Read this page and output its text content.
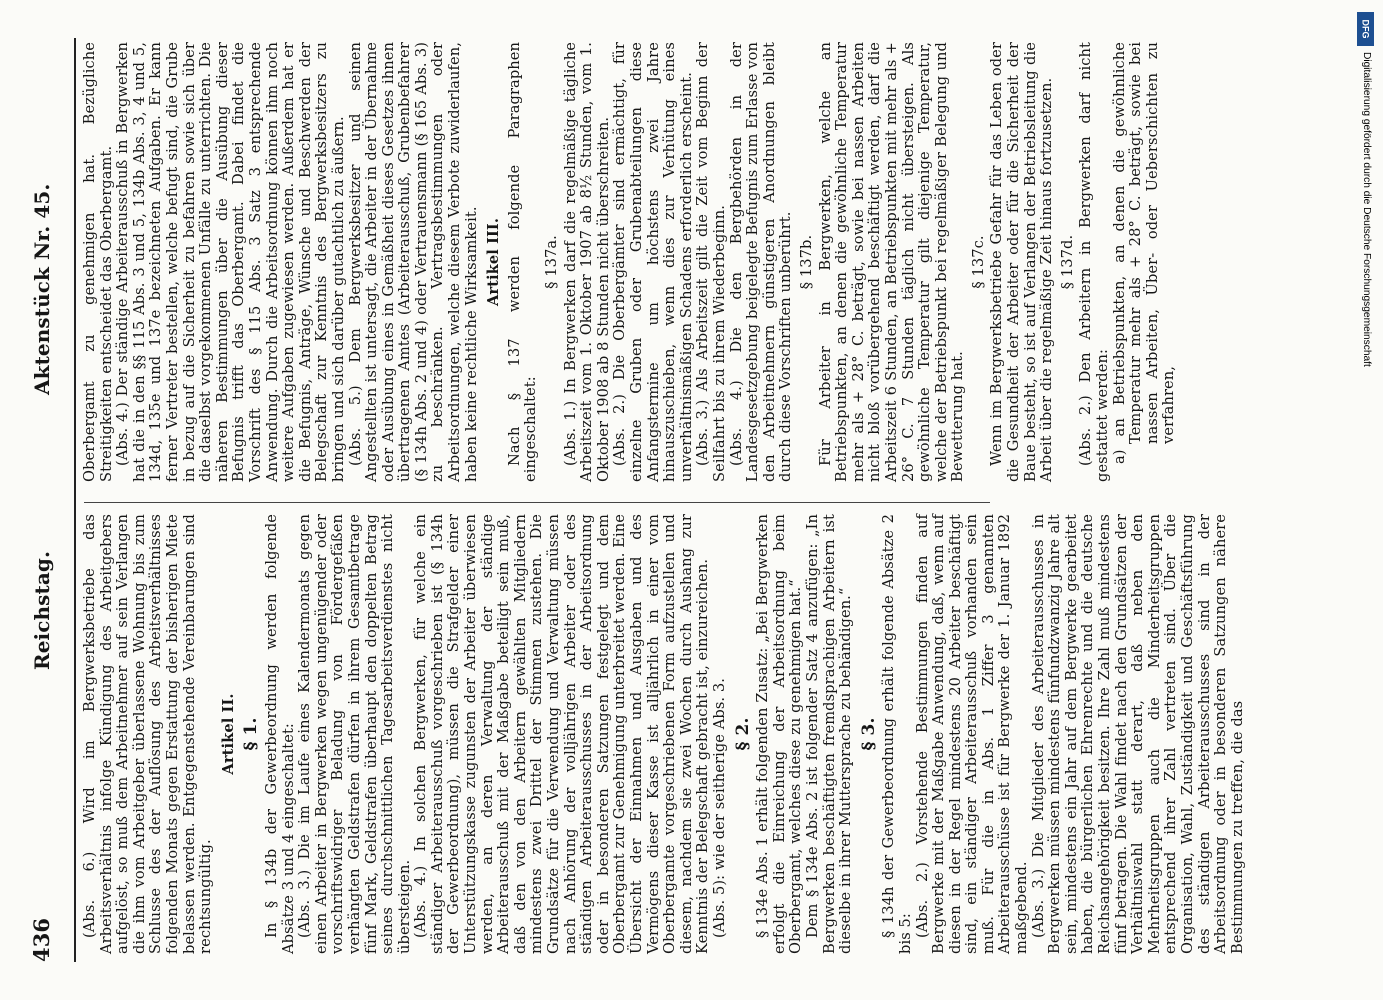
436
Reichstag.
Aktenstück Nr. 45.

(Abs. 6.) Wird im Bergwerksbetriebe das Arbeitsverhältnis infolge Kündigung des Arbeitgebers aufgelöst, so muß dem Arbeitnehmer auf sein Verlangen die ihm vom Arbeitgeber überlassene Wohnung bis zum Schlusse des der Auflösung des Arbeitsverhältnisses folgenden Monats gegen Erstattung der bisherigen Miete belassen werden. Entgegenstehende Vereinbarungen sind rechtsungültig.

Artikel II. § 1. In § 134b der Gewerbeordnung werden folgende Absätze 3 und 4 eingeschaltet: (Abs. 3.) Die im Laufe eines Kalendermonats gegen einen Arbeiter in Bergwerken wegen ungenügender oder vorschriftswidriger Beladung von Fördergefäßen verhängten Geldstrafen dürfen in ihrem Gesamtbetrage fünf Mark, Geldstrafen überhaupt den doppelten Betrag seines durchschnittlichen Tagesarbeitsverdienstes nicht übersteigen. (Abs. 4.) In solchen Bergwerken, für welche ein ständiger Arbeiterausschuß vorgeschrieben ist (§ 134h der Gewerbeordnung), müssen die Strafgelder einer Unterstützungskasse zugunsten der Arbeiter überwiesen werden, an deren Verwaltung der ständige Arbeiterausschuß mit der Maßgabe beteiligt sein muß, daß den von den Arbeitern gewählten Mitgliedern mindestens zwei Drittel der Stimmen zustehen. Die Grundsätze für die Verwendung und Verwaltung müssen nach Anhörung der volljährigen Arbeiter oder des ständigen Arbeiterausschusses in der Arbeitsordnung oder in besonderen Satzungen festgelegt und dem Oberbergamt zur Genehmigung unterbreitet werden. Eine Übersicht der Einnahmen und Ausgaben und des Vermögens dieser Kasse ist alljährlich in einer vom Oberbergamte vorgeschriebenen Form aufzustellen und diesem, nachdem sie zwei Wochen durch Aushang zur Kenntnis der Belegschaft gebracht ist, einzureichen. (Abs. 5): wie der seitherige Abs. 3. § 2. § 134e Abs. 1 erhält folgenden Zusatz: „Bei Bergwerken erfolgt die Einreichung der Arbeitsordnung beim Oberbergamt, welches diese zu genehmigen hat.“ Dem § 134e Abs. 2 ist folgender Satz 4 anzufügen: „In Bergwerken beschäftigten fremdsprachigen Arbeitern ist dieselbe in ihrer Muttersprache zu behändigen.“ § 3. § 134h der Gewerbeordnung erhält folgende Absätze 2 bis 5: (Abs. 2.) Vorstehende Bestimmungen finden auf Bergwerke mit der Maßgabe Anwendung, daß, wenn auf diesen in der Regel mindestens 20 Arbeiter beschäftigt sind, ein ständiger Arbeiterausschuß vorhanden sein muß. Für die in Abs. 1 Ziffer 3 genannten Arbeiterausschüsse ist für Bergwerke der 1. Januar 1892 maßgebend. (Abs. 3.) Die Mitglieder des Arbeiterausschusses in Bergwerken müssen mindestens fünfundzwanzig Jahre alt sein, mindestens ein Jahr auf dem Bergwerke gearbeitet haben, die bürgerlichen Ehrenrechte und die deutsche Reichsangehörigkeit besitzen. Ihre Zahl muß mindestens fünf betragen. Die Wahl findet nach den Grundsätzen der Verhältniswahl statt derart, daß neben den Mehrheitsgruppen auch die Minderheitsgruppen entsprechend ihrer Zahl vertreten sind. Über die Organisation, Wahl, Zuständigkeit und Geschäftsführung des ständigen Arbeiterausschusses sind in der Arbeitsordnung oder in besonderen Satzungen nähere Bestimmungen zu treffen, die das

Oberbergamt zu genehmigen hat. Bezügliche Streitigkeiten entscheidet das Oberbergamt. (Abs. 4.) Der ständige Arbeiterausschuß in Bergwerken hat die in den §§ 115 Abs. 3 und 5, 134b Abs. 3, 4 und 5, 134d, 135e und 137e bezeichneten Aufgaben. Er kann ferner Vertreter bestellen, welche befugt sind, die Grube in bezug auf die Sicherheit zu befahren sowie sich über die daselbst vorgekommenen Unfälle zu unterrichten. Die näheren Bestimmungen über die Ausübung dieser Befugnis trifft das Oberbergamt. Dabei findet die Vorschrift des § 115 Abs. 3 Satz 3 entsprechende Anwendung. Durch die Arbeitsordnung können ihm noch weitere Aufgaben zugewiesen werden. Außerdem hat er die Befugnis, Anträge, Wünsche und Beschwerden der Belegschaft zur Kenntnis des Bergwerksbesitzers zu bringen und sich darüber gutachtlich zu äußern. (Abs. 5.) Dem Bergwerksbesitzer und seinen Angestellten ist untersagt, die Arbeiter in der Übernahme oder Ausübung eines in Gemäßheit dieses Gesetzes ihnen übertragenen Amtes (Arbeiterausschuß, Grubenbefahrer (§ 134h Abs. 2 und 4) oder Vertrauensmann (§ 165 Abs. 3) zu beschränken. Vertragsbestimmungen oder Arbeitsordnungen, welche diesem Verbote zuwiderlaufen, haben keine rechtliche Wirksamkeit. Artikel III. Nach § 137 werden folgende Paragraphen eingeschaltet:

§ 137a. (Abs. 1.) In Bergwerken darf die regelmäßige tägliche Arbeitszeit vom 1. Oktober 1907 ab 8½ Stunden, vom 1. Oktober 1908 ab 8 Stunden nicht überschreiten. (Abs. 2.) Die Oberbergämter sind ermächtigt, für einzelne Gruben oder Grubenabteilungen diese Anfangstermine um höchstens zwei Jahre hinauszuschieben, wenn dies zur Verhütung eines unverhältnismäßigen Schadens erforderlich erscheint. (Abs. 3.) Als Arbeitszeit gilt die Zeit vom Beginn der Seilfahrt bis zu ihrem Wiederbeginn. (Abs. 4.) Die den Bergbehörden in der Landesgesetzgebung beigelegte Befugnis zum Erlasse von den Arbeitnehmern günstigeren Anordnungen bleibt durch diese Vorschriften unberührt. § 137b. Für Arbeiter in Bergwerken, welche an Betriebspunkten, an denen die gewöhnliche Temperatur mehr als + 28° C. beträgt, sowie bei nassen Arbeiten nicht bloß vorübergehend beschäftigt werden, darf die Arbeitszeit 6 Stunden, an Betriebspunkten mit mehr als + 26° C. 7 Stunden täglich nicht übersteigen. Als gewöhnliche Temperatur gilt diejenige Temperatur, welche der Betriebspunkt bei regelmäßiger Belegung und Bewetterung hat.

§ 137c. Wenn im Bergwerksbetriebe Gefahr für das Leben oder die Gesundheit der Arbeiter oder für die Sicherheit der Baue besteht, so ist auf Verlangen der Betriebsleitung die Arbeit über die regelmäßige Zeit hinaus fortzusetzen. § 137d. (Abs. 2.) Den Arbeitern in Bergwerken darf nicht gestattet werden: a) an Betriebspunkten, an denen die gewöhnliche Temperatur mehr als + 28° C. beträgt, sowie bei nassen Arbeiten, Über- oder Ueberschichten zu verfahren,

DFG
Digitalisierung gefördert durch die Deutsche Forschungsgemeinschaft
